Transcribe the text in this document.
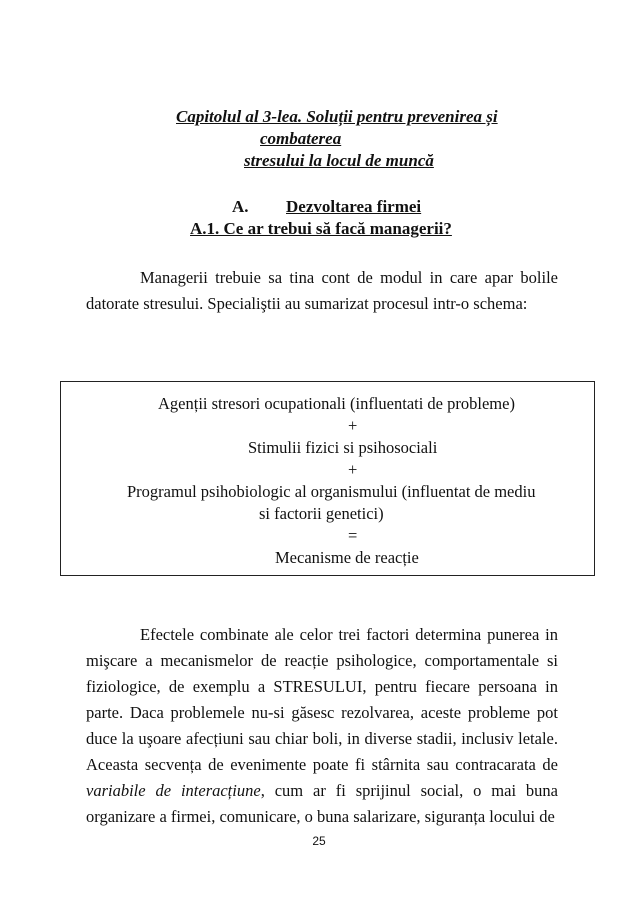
Capitolul al 3-lea. Soluții pentru prevenirea și
combaterea
stresului la locul de muncă
A. Dezvoltarea firmei
A.1. Ce ar trebui să facă managerii?

Managerii trebuie sa tina cont de modul in care apar bolile datorate stresului. Specialiştii au sumarizat procesul intr-o schema:

Agenții stresori ocupationali (influentati de probleme)
+
Stimulii fizici si psihosociali
+
Programul psihobiologic al organismului (influentat de mediu
si factorii genetici)
=
Mecanisme de reacție

Efectele combinate ale celor trei factori determina punerea in mişcare a mecanismelor de reacție psihologice, comportamentale si fiziologice, de exemplu a STRESULUI, pentru fiecare persoana in parte. Daca problemele nu-si găsesc rezolvarea, aceste probleme pot duce la uşoare afecțiuni sau chiar boli, in diverse stadii, inclusiv letale. Aceasta secvența de evenimente poate fi stârnita sau contracarata de variabile de interacțiune, cum ar fi sprijinul social, o mai buna organizare a firmei, comunicare, o buna salarizare, siguranța locului de

25
